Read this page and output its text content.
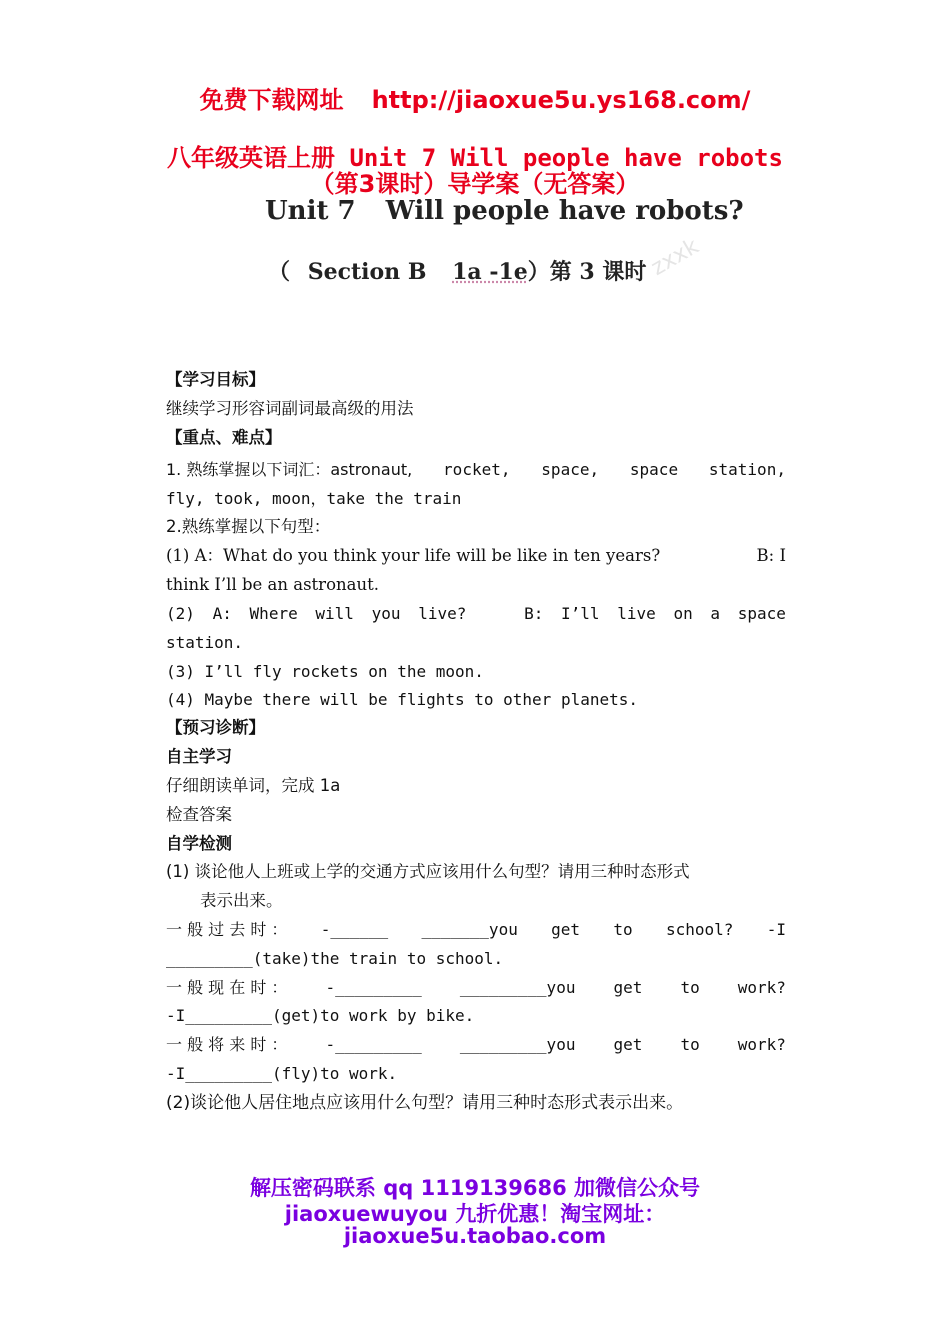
免费下载网址 http://jiaoxue5u.ys168.com/
八年级英语上册 Unit 7 Will people have robots
（第3课时）导学案（无答案）
Unit 7 Will people have robots?
（ Section B 1a -1e）第 3 课时 zxxk
【学习目标】
继续学习形容词副词最高级的用法
【重点、难点】
1. 熟练掌握以下词汇：astronaut, rocket, space, space station,
fly, took, moon，take the train
2.熟练掌握以下句型：
(1) A：What do you think your life will be like in ten years?	B: I
think I’ll be an astronaut.
(2) A: Where will you live?	B: I’ll live on a space
station.
(3) I’ll fly rockets on the moon.
(4) Maybe there will be flights to other planets.
【预习诊断】
自主学习
仔细朗读单词，完成 1a
检查答案
自学检测
(1) 谈论他人上班或上学的交通方式应该用什么句型？请用三种时态形式
表示出来。
一 般 过 去 时 ： -______ _______you get to school? -I
_________(take)the train to school.
一 般 现 在 时 ： -_________ _________you get to work?
-I_________(get)to work by bike.
一 般 将 来 时 ： -_________ _________you get to work?
-I_________(fly)to work.
(2)谈论他人居住地点应该用什么句型？请用三种时态形式表示出来。
解压密码联系 qq 1119139686 加微信公众号
jiaoxuewuyou 九折优惠！淘宝网址：
jiaoxue5u.taobao.com
